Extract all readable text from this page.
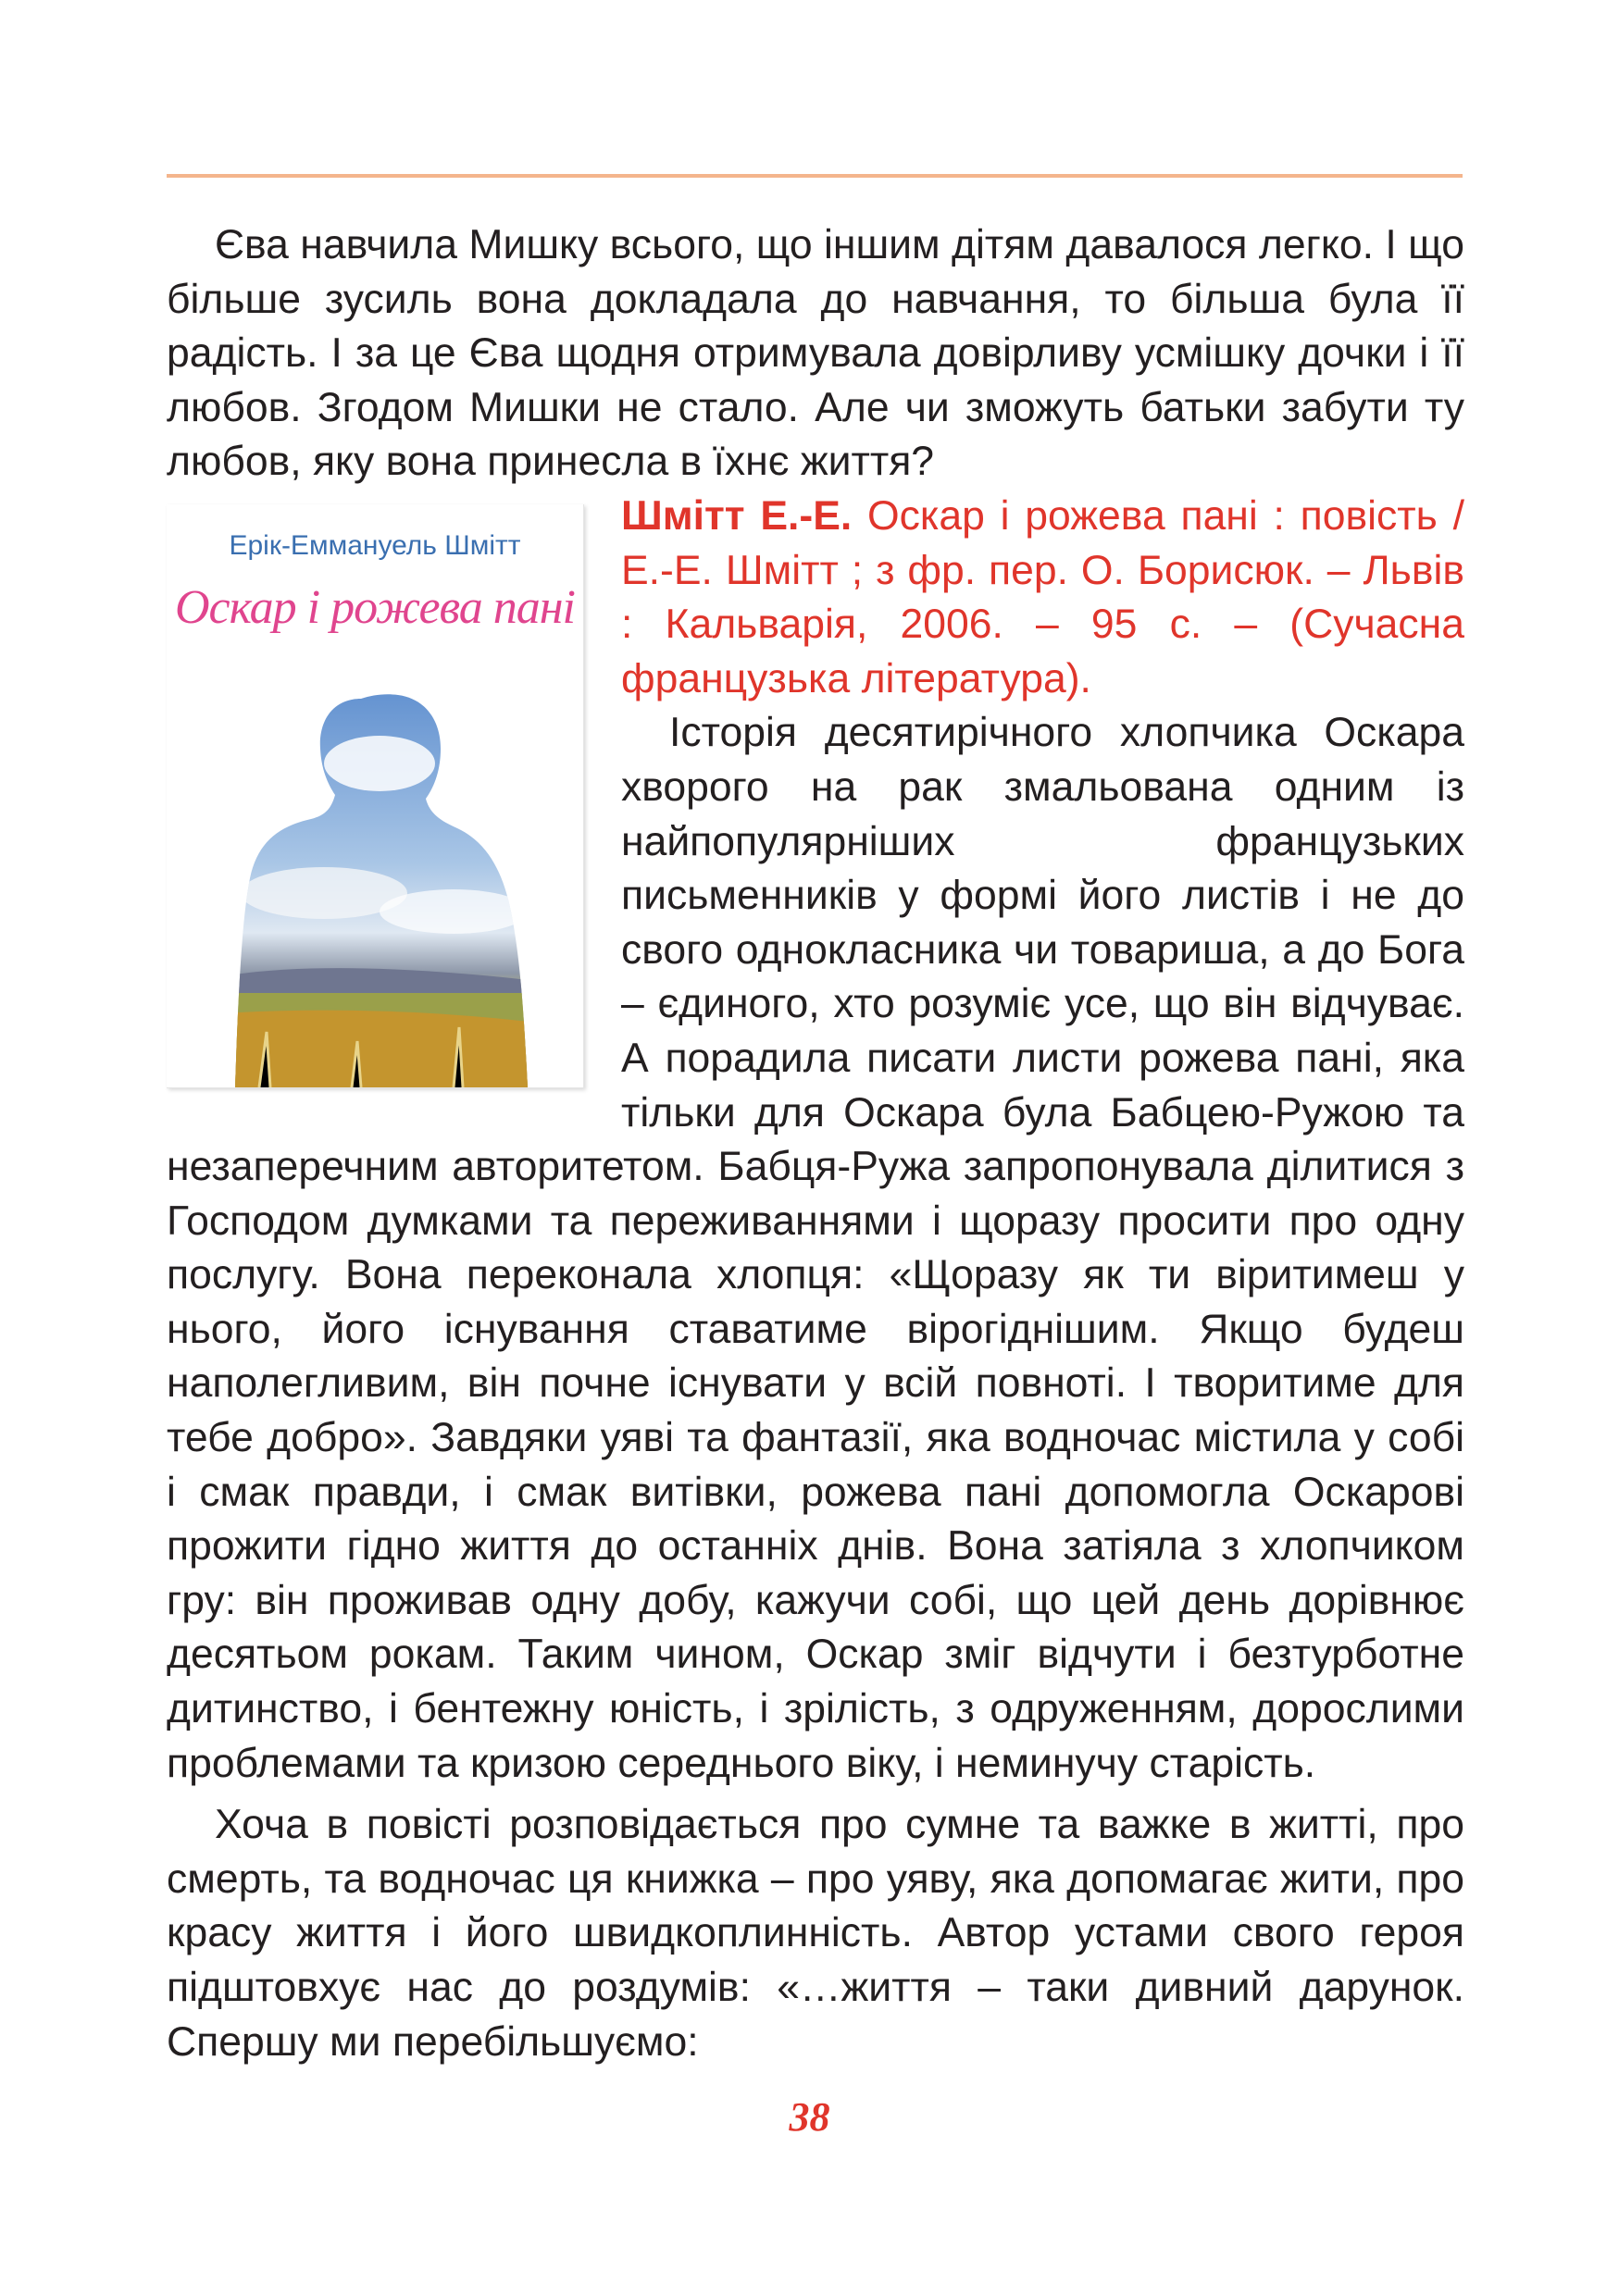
Єва навчила Мишку всього, що іншим дітям давалося легко. І що більше зусиль вона докладала до навчання, то більша була її радість. І за це Єва щодня отримувала довірливу усмішку дочки і її любов. Згодом Мишки не стало. Але чи зможуть батьки забути ту любов, яку вона принесла в їхнє життя?

Ерік-Еммануель Шмітт
Оскар і рожева пані

Шмітт Е.-Е. Оскар і рожева пані : повість / Е.-Е. Шмітт ; з фр. пер. О. Борисюк. – Львів : Кальварія, 2006. – 95 с. – (Сучасна французька література).

Історія десятирічного хлопчика Оскара хворого на рак змальована одним із найпопулярніших французьких письменників у формі його листів і не до свого однокласника чи товариша, а до Бога – єдиного, хто розуміє усе, що він відчуває. А порадила писати листи рожева пані, яка тільки для Оскара була Бабцею-Ружою та незаперечним авторитетом. Бабця-Ружа запропонувала ділитися з Господом думками та переживаннями і щоразу просити про одну послугу. Вона переконала хлопця: «Щоразу як ти віритимеш у нього, його існування ставатиме вірогіднішим. Якщо будеш наполегливим, він почне існувати у всій повноті. І творитиме для тебе добро». Завдяки уяві та фантазії, яка водночас містила у собі і смак правди, і смак витівки, рожева пані допомогла Оскарові прожити гідно життя до останніх днів. Вона затіяла з хлопчиком гру: він проживав одну добу, кажучи собі, що цей день дорівнює десятьом рокам. Таким чином, Оскар зміг відчути і безтурботне дитинство, і бентежну юність, і зрілість, з одруженням, дорослими проблемами та кризою середнього віку, і неминучу старість.

Хоча в повісті розповідається про сумне та важке в житті, про смерть, та водночас ця книжка – про уяву, яка допомагає жити, про красу життя і його швидкоплинність. Автор устами свого героя підштовхує нас до роздумів: «…життя – таки дивний дарунок. Спершу ми перебільшуємо:

38
